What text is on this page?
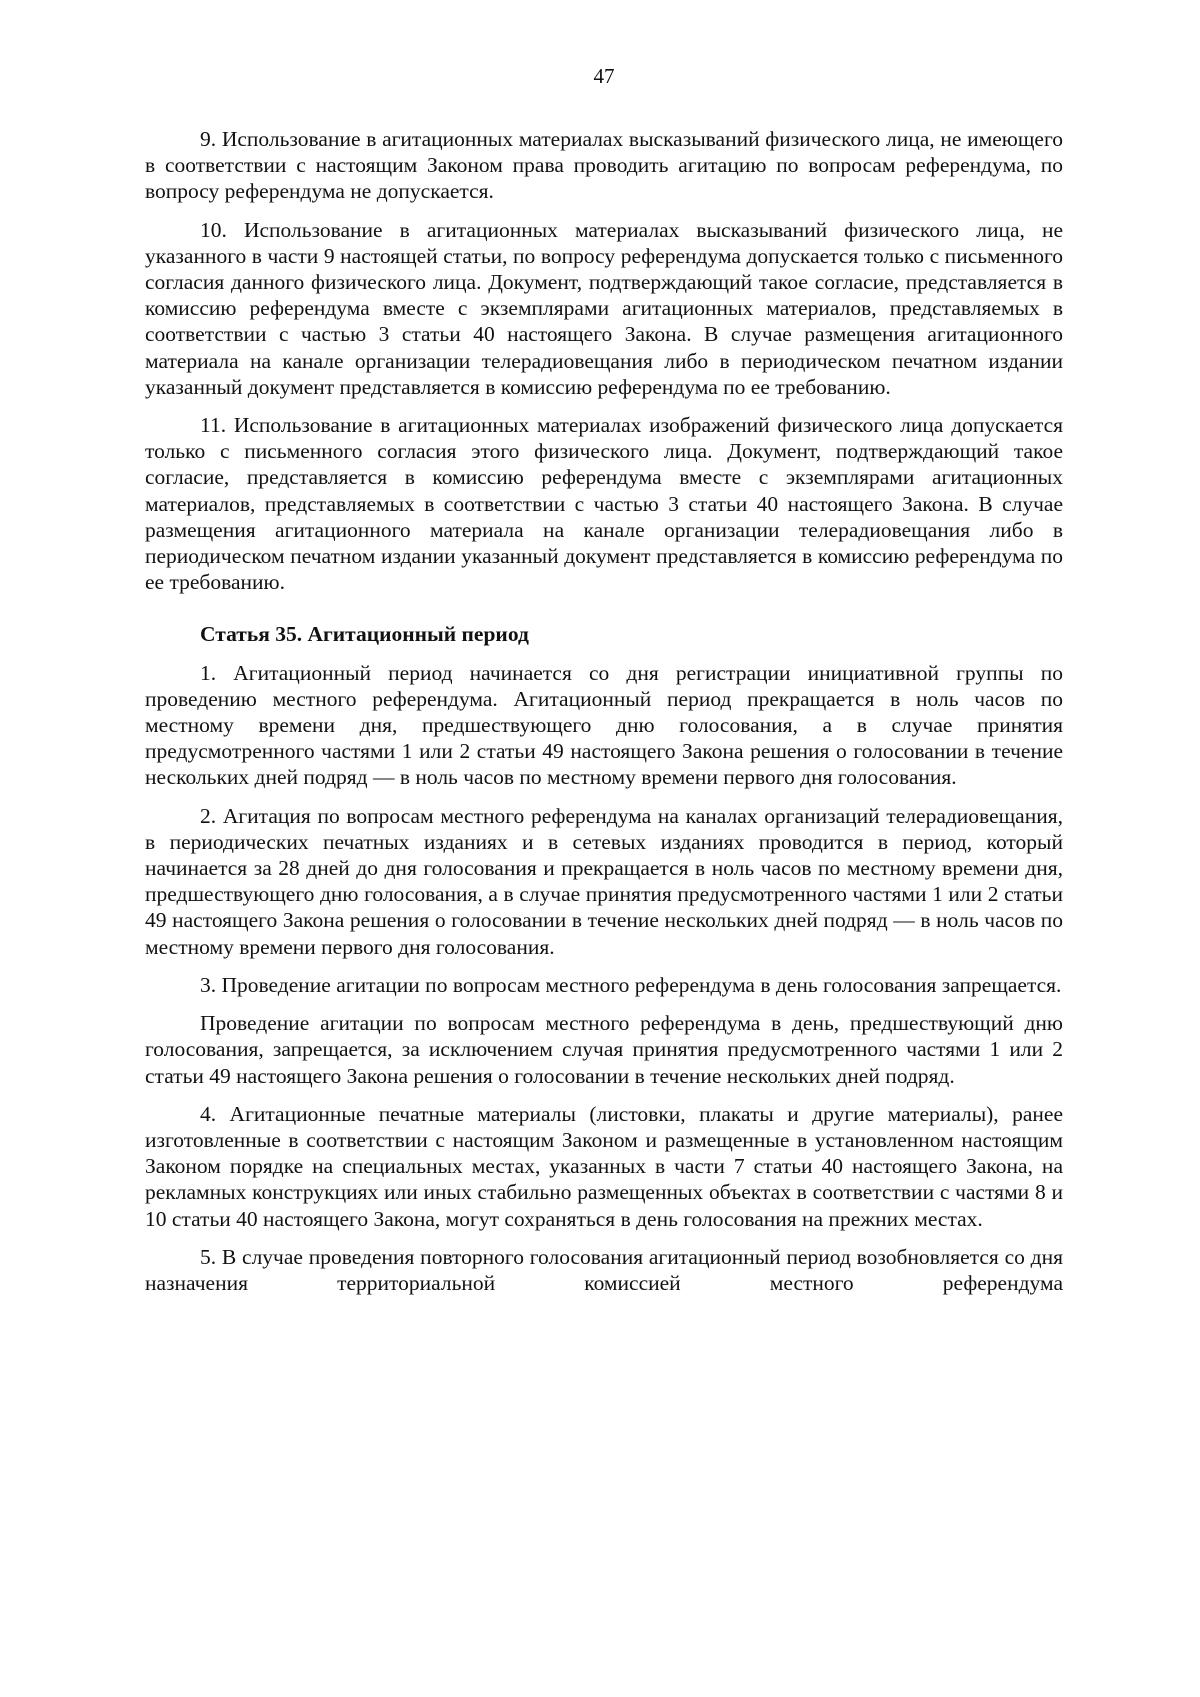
47

9. Использование в агитационных материалах высказываний физического лица, не имеющего в соответствии с настоящим Законом права проводить агитацию по вопросам референдума, по вопросу референдума не допускается.

10. Использование в агитационных материалах высказываний физического лица, не указанного в части 9 настоящей статьи, по вопросу референдума допускается только с письменного согласия данного физического лица. Документ, подтверждающий такое согласие, представляется в комиссию референдума вместе с экземплярами агитационных материалов, представляемых в соответствии с частью 3 статьи 40 настоящего Закона. В случае размещения агитационного материала на канале организации телерадиовещания либо в периодическом печатном издании указанный документ представляется в комиссию референдума по ее требованию.

11. Использование в агитационных материалах изображений физического лица допускается только с письменного согласия этого физического лица. Документ, подтверждающий такое согласие, представляется в комиссию референдума вместе с экземплярами агитационных материалов, представляемых в соответствии с частью 3 статьи 40 настоящего Закона. В случае размещения агитационного материала на канале организации телерадиовещания либо в периодическом печатном издании указанный документ представляется в комиссию референдума по ее требованию.

Статья 35. Агитационный период

1. Агитационный период начинается со дня регистрации инициативной группы по проведению местного референдума. Агитационный период прекращается в ноль часов по местному времени дня, предшествующего дню голосования, а в случае принятия предусмотренного частями 1 или 2 статьи 49 настоящего Закона решения о голосовании в течение нескольких дней подряд — в ноль часов по местному времени первого дня голосования.

2. Агитация по вопросам местного референдума на каналах организаций телерадиовещания, в периодических печатных изданиях и в сетевых изданиях проводится в период, который начинается за 28 дней до дня голосования и прекращается в ноль часов по местному времени дня, предшествующего дню голосования, а в случае принятия предусмотренного частями 1 или 2 статьи 49 настоящего Закона решения о голосовании в течение нескольких дней подряд — в ноль часов по местному времени первого дня голосования.

3. Проведение агитации по вопросам местного референдума в день голосования запрещается.

Проведение агитации по вопросам местного референдума в день, предшествующий дню голосования, запрещается, за исключением случая принятия предусмотренного частями 1 или 2 статьи 49 настоящего Закона решения о голосовании в течение нескольких дней подряд.

4. Агитационные печатные материалы (листовки, плакаты и другие материалы), ранее изготовленные в соответствии с настоящим Законом и размещенные в установленном настоящим Законом порядке на специальных местах, указанных в части 7 статьи 40 настоящего Закона, на рекламных конструкциях или иных стабильно размещенных объектах в соответствии с частями 8 и 10 статьи 40 настоящего Закона, могут сохраняться в день голосования на прежних местах.

5. В случае проведения повторного голосования агитационный период возобновляется со дня назначения территориальной комиссией местного референдума
